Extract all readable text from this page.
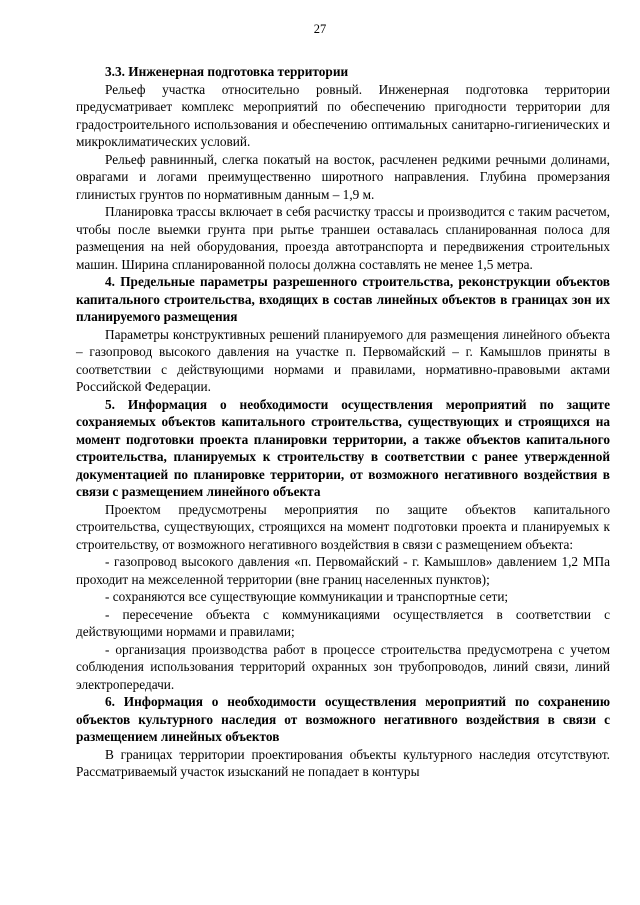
27

3.3. Инженерная подготовка территории

Рельеф участка относительно ровный. Инженерная подготовка территории предусматривает комплекс мероприятий по обеспечению пригодности территории для градостроительного использования и обеспечению оптимальных санитарно-гигиенических и микроклиматических условий.

Рельеф равнинный, слегка покатый на восток, расчленен редкими речными долинами, оврагами и логами преимущественно широтного направления. Глубина промерзания глинистых грунтов по нормативным данным – 1,9 м.

Планировка трассы включает в себя расчистку трассы и производится с таким расчетом, чтобы после выемки грунта при рытье траншеи оставалась спланированная полоса для размещения на ней оборудования, проезда автотранспорта и передвижения строительных машин. Ширина спланированной полосы должна составлять не менее 1,5 метра.

4. Предельные параметры разрешенного строительства, реконструкции объектов капитального строительства, входящих в состав линейных объектов в границах зон их планируемого размещения

Параметры конструктивных решений планируемого для размещения линейного объекта – газопровод высокого давления на участке п. Первомайский – г. Камышлов приняты в соответствии с действующими нормами и правилами, нормативно-правовыми актами Российской Федерации.

5. Информация о необходимости осуществления мероприятий по защите сохраняемых объектов капитального строительства, существующих и строящихся на момент подготовки проекта планировки территории, а также объектов капитального строительства, планируемых к строительству в соответствии с ранее утвержденной документацией по планировке территории, от возможного негативного воздействия в связи с размещением линейного объекта

Проектом предусмотрены мероприятия по защите объектов капитального строительства, существующих, строящихся на момент подготовки проекта и планируемых к строительству, от возможного негативного воздействия в связи с размещением объекта:

- газопровод высокого давления «п. Первомайский - г. Камышлов» давлением 1,2 МПа проходит на межселенной территории (вне границ населенных пунктов);

- сохраняются все существующие коммуникации и транспортные сети;

- пересечение объекта с коммуникациями осуществляется в соответствии с действующими нормами и правилами;

- организация производства работ в процессе строительства предусмотрена с учетом соблюдения использования территорий охранных зон трубопроводов, линий связи, линий электропередачи.

6. Информация о необходимости осуществления мероприятий по сохранению объектов культурного наследия от возможного негативного воздействия в связи с размещением линейных объектов

В границах территории проектирования объекты культурного наследия отсутствуют. Рассматриваемый участок изысканий не попадает в контуры
